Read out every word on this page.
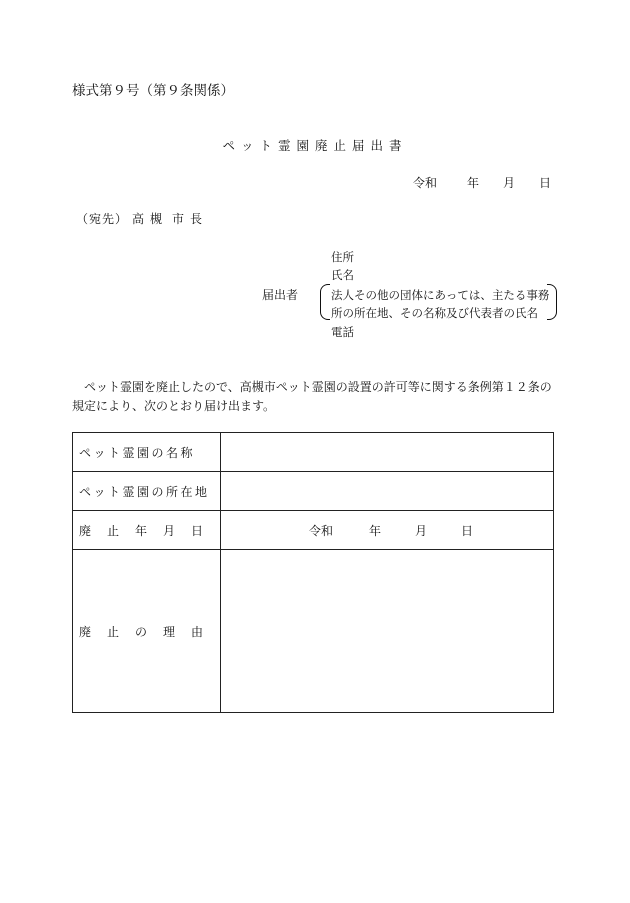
様式第９号（第９条関係）
ペット霊園廃止届出書
令和	年 月 日
（宛先） 高槻 市長
届出者
住所
氏名
法人その他の団体にあっては、主たる事務
所の所在地、その名称及び代表者の氏名
電話
ペット霊園を廃止したので、高槻市ペット霊園の設置の許可等に関する条例第１２条の規定により、次のとおり届け出ます。
ペット霊園の名称	
ペット霊園の所在地	

廃 止 年 月 日	令和 年 月 日

廃 止 の 理 由	
